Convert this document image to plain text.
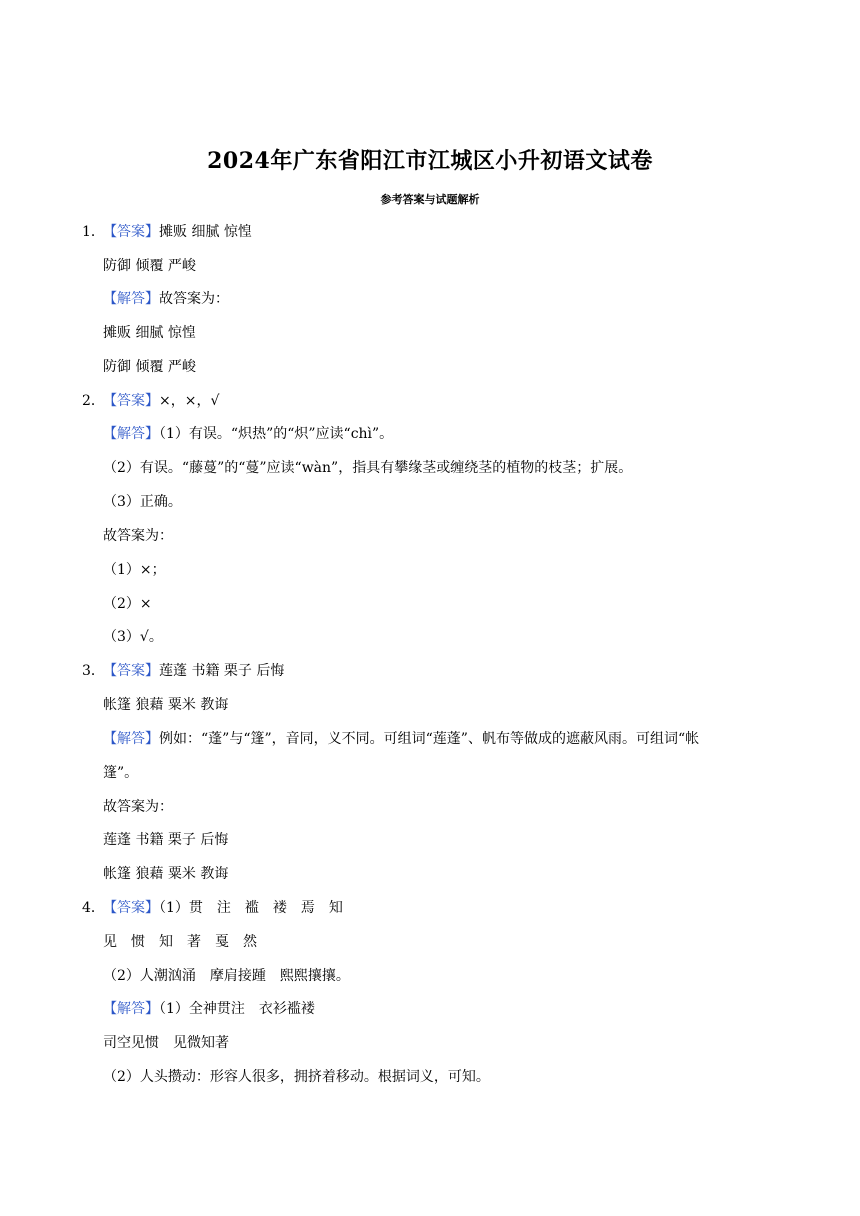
2024年广东省阳江市江城区小升初语文试卷
参考答案与试题解析
1．
【答案】摊贩 细腻 惊惶
防御 倾覆 严峻
【解答】故答案为：
摊贩 细腻 惊惶
防御 倾覆 严峻
2．
【答案】×，×，√
【解答】（1）有误。“炽热”的“炽”应读“chì”。
（2）有误。“藤蔓”的“蔓”应读“wàn”，指具有攀缘茎或缠绕茎的植物的枝茎；扩展。
（3）正确。
故答案为：
（1）×；
（2）×
（3）√。
3．
【答案】莲蓬 书籍 栗子 后悔
帐篷 狼藉 粟米 教诲
【解答】例如：“蓬”与“篷”，音同，义不同。可组词“莲蓬”、帆布等做成的遮蔽风雨。可组词“帐
篷”。
故答案为：
莲蓬 书籍 栗子 后悔
帐篷 狼藉 粟米 教诲
4．
【答案】（1）贯　注　褴　褛　焉　知
见　惯　知　著　戛　然
（2）人潮汹涌　摩肩接踵　熙熙攘攘。
【解答】（1）全神贯注　衣衫褴褛
司空见惯　见微知著
（2）人头攒动：形容人很多，拥挤着移动。根据词义，可知。
